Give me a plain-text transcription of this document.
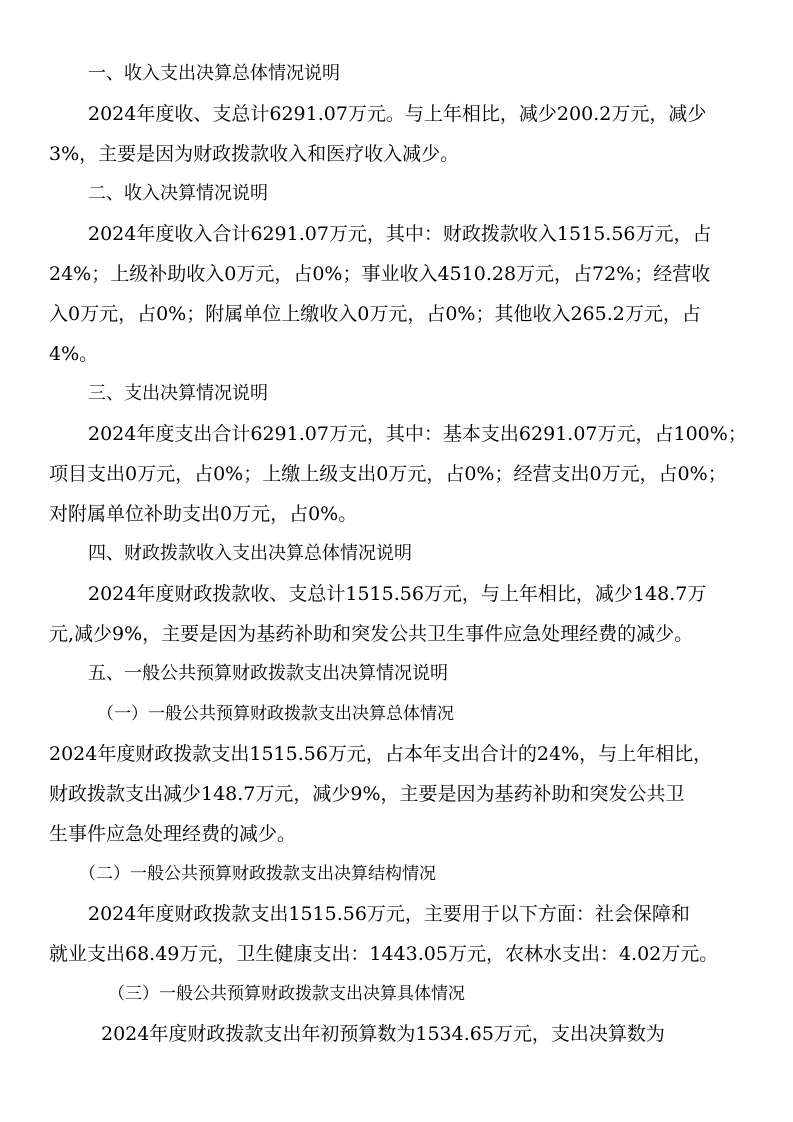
一、收入支出决算总体情况说明

2024年度收、支总计6291.07万元。与上年相比，减少200.2万元，减少

3%，主要是因为财政拨款收入和医疗收入减少。

二、收入决算情况说明

2024年度收入合计6291.07万元，其中：财政拨款收入1515.56万元，占

24%；上级补助收入0万元，占0%；事业收入4510.28万元，占72%；经营收

入0万元，占0%；附属单位上缴收入0万元，占0%；其他收入265.2万元，占

4%。

三、支出决算情况说明

2024年度支出合计6291.07万元，其中：基本支出6291.07万元，占100%；

项目支出0万元，占0%；上缴上级支出0万元，占0%；经营支出0万元，占0%；

对附属单位补助支出0万元，占0%。

四、财政拨款收入支出决算总体情况说明

2024年度财政拨款收、支总计1515.56万元，与上年相比，减少148.7万

元,减少9%，主要是因为基药补助和突发公共卫生事件应急处理经费的减少。

五、一般公共预算财政拨款支出决算情况说明

（一）一般公共预算财政拨款支出决算总体情况

2024年度财政拨款支出1515.56万元，占本年支出合计的24%，与上年相比，

财政拨款支出减少148.7万元，减少9%，主要是因为基药补助和突发公共卫

生事件应急处理经费的减少。

（二）一般公共预算财政拨款支出决算结构情况

2024年度财政拨款支出1515.56万元，主要用于以下方面：社会保障和

就业支出68.49万元，卫生健康支出：1443.05万元，农林水支出：4.02万元。

（三）一般公共预算财政拨款支出决算具体情况

2024年度财政拨款支出年初预算数为1534.65万元，支出决算数为
